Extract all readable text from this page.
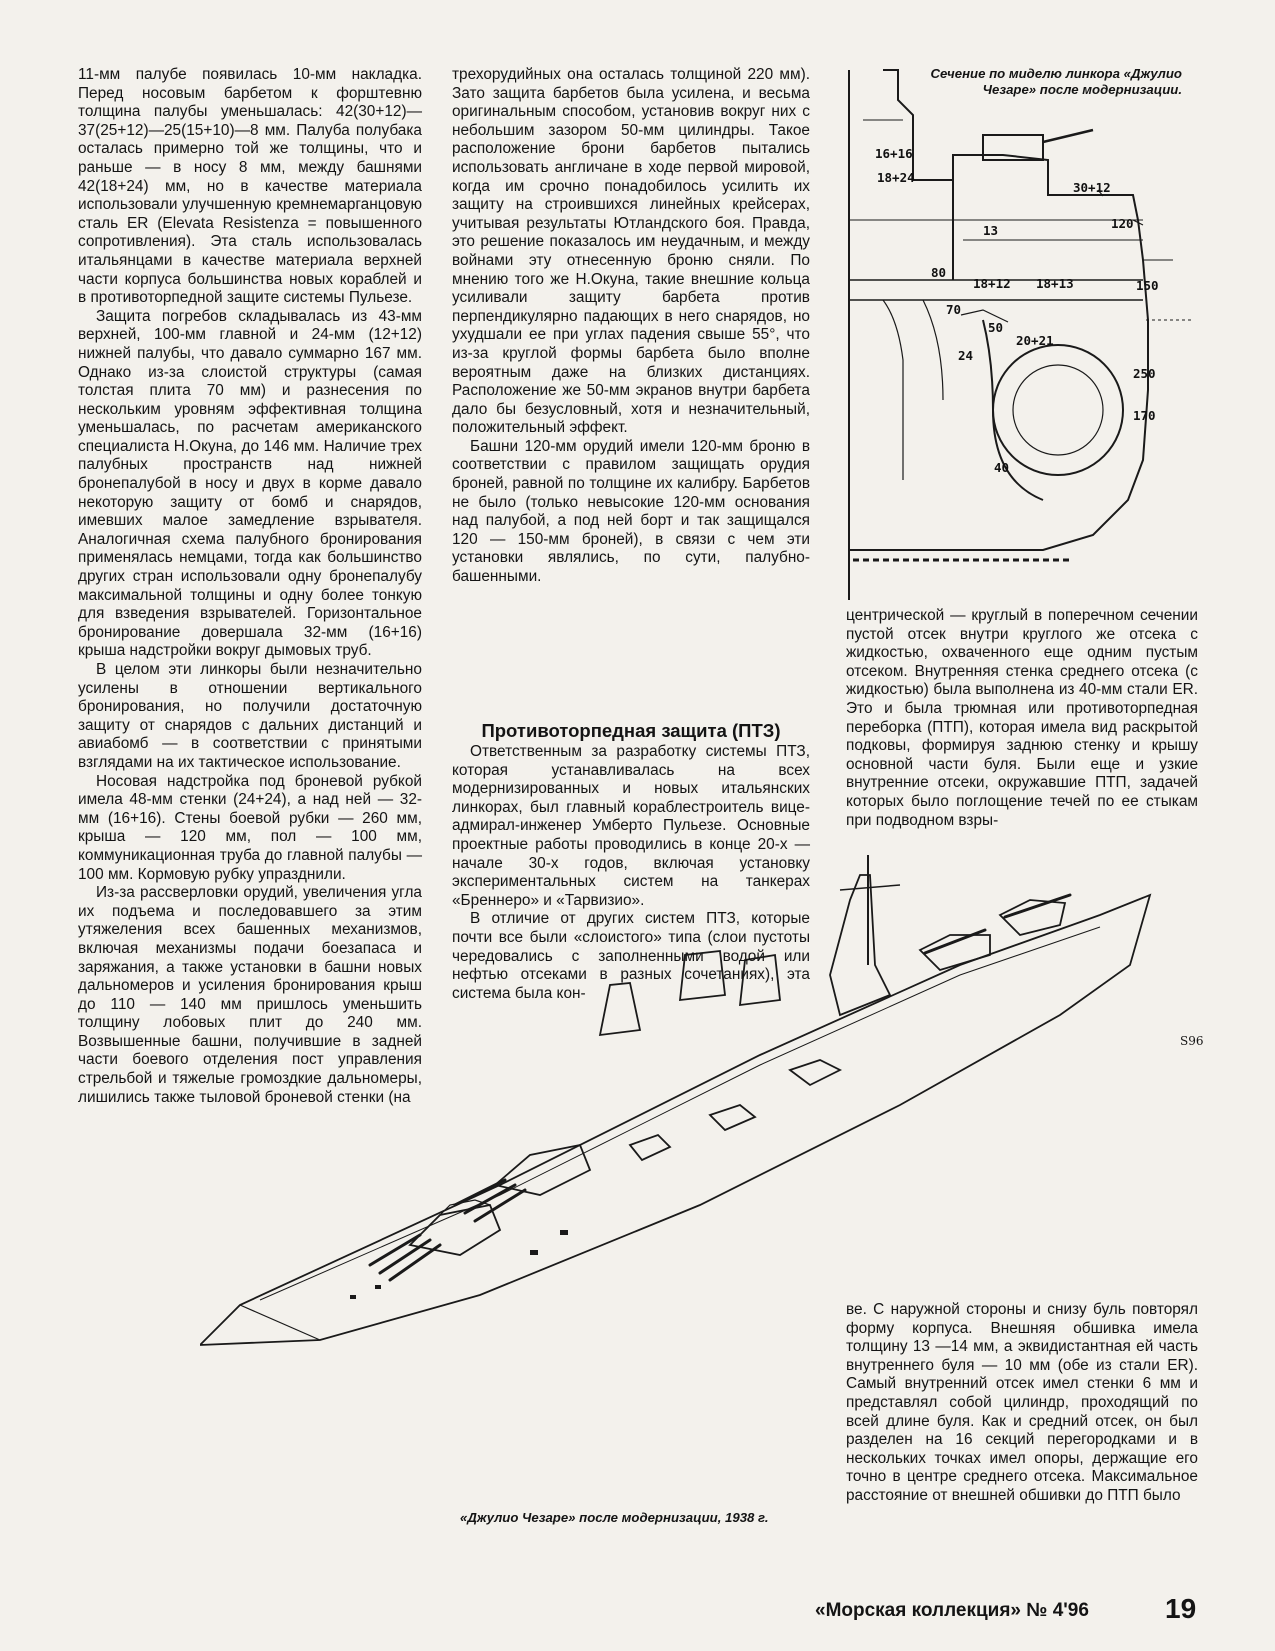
11-мм палубе появилась 10-мм накладка. Перед носовым барбетом к форштевню толщина палубы уменьшалась: 42(30+12)—37(25+12)—25(15+10)—8 мм. Палуба полубака осталась примерно той же толщины, что и раньше — в носу 8 мм, между башнями 42(18+24) мм, но в качестве материала использовали улучшенную кремнемарганцовую сталь ER (Elevata Resistenza = повышенного сопротивления). Эта сталь использовалась итальянцами в качестве материала верхней части корпуса большинства новых кораблей и в противоторпедной защите системы Пульезе.

Защита погребов складывалась из 43-мм верхней, 100-мм главной и 24-мм (12+12) нижней палубы, что давало суммарно 167 мм. Однако из-за слоистой структуры (самая толстая плита 70 мм) и разнесения по нескольким уровням эффективная толщина уменьшалась, по расчетам американского специалиста Н.Окуна, до 146 мм. Наличие трех палубных пространств над нижней бронепалубой в носу и двух в корме давало некоторую защиту от бомб и снарядов, имевших малое замедление взрывателя. Аналогичная схема палубного бронирования применялась немцами, тогда как большинство других стран использовали одну бронепалубу максимальной толщины и одну более тонкую для взведения взрывателей. Горизонтальное бронирование довершала 32-мм (16+16) крыша надстройки вокруг дымовых труб.

В целом эти линкоры были незначительно усилены в отношении вертикального бронирования, но получили достаточную защиту от снарядов с дальних дистанций и авиабомб — в соответствии с принятыми взглядами на их тактическое использование.

Носовая надстройка под броневой рубкой имела 48-мм стенки (24+24), а над ней — 32-мм (16+16). Стены боевой рубки — 260 мм, крыша — 120 мм, пол — 100 мм, коммуникационная труба до главной палубы — 100 мм. Кормовую рубку упразднили.

Из-за рассверловки орудий, увеличения угла их подъема и последовавшего за этим утяжеления всех башенных механизмов, включая механизмы подачи боезапаса и заряжания, а также установки в башни новых дальномеров и усиления бронирования крыш до 110 — 140 мм пришлось уменьшить толщину лобовых плит до 240 мм. Возвышенные башни, получившие в задней части боевого отделения пост управления стрельбой и тяжелые громоздкие дальномеры, лишились также тыловой броневой стенки (на

трехорудийных она осталась толщиной 220 мм). Зато защита барбетов была усилена, и весьма оригинальным способом, установив вокруг них с небольшим зазором 50-мм цилиндры. Такое расположение брони барбетов пытались использовать англичане в ходе первой мировой, когда им срочно понадобилось усилить их защиту на строившихся линейных крейсерах, учитывая результаты Ютландского боя. Правда, это решение показалось им неудачным, и между войнами эту отнесенную броню сняли. По мнению того же Н.Окуна, такие внешние кольца усиливали защиту барбета против перпендикулярно падающих в него снарядов, но ухудшали ее при углах падения свыше 55°, что из-за круглой формы барбета было вполне вероятным даже на близких дистанциях. Расположение же 50-мм экранов внутри барбета дало бы безусловный, хотя и незначительный, положительный эффект.

Башни 120-мм орудий имели 120-мм броню в соответствии с правилом защищать орудия броней, равной по толщине их калибру. Барбетов не было (только невысокие 120-мм основания над палубой, а под ней борт и так защищался 120 — 150-мм броней), в связи с чем эти установки являлись, по сути, палубно-башенными.

Противоторпедная защита (ПТЗ)

Ответственным за разработку системы ПТЗ, которая устанавливалась на всех модернизированных и новых итальянских линкорах, был главный кораблестроитель вице-адмирал-инженер Умберто Пульезе. Основные проектные работы проводились в конце 20-х — начале 30-х годов, включая установку экспериментальных систем на танкерах «Бреннеро» и «Тарвизио».

В отличие от других систем ПТЗ, которые почти все были «слоистого» типа (слои пустоты чередовались с заполненными водой или нефтью отсеками в разных сочетаниях), эта система была кон-

16+16
18+24
30+12
120
13
80
18+12 18+13	150
70
50
24
20+21
250
170
40
Сечение по миделю линкора «Джулио Чезаре» после модернизации.

центрической — круглый в поперечном сечении пустой отсек внутри круглого же отсека с жидкостью, охваченного еще одним пустым отсеком. Внутренняя стенка среднего отсека (с жидкостью) была выполнена из 40-мм стали ER. Это и была трюмная или противоторпедная переборка (ПТП), которая имела вид раскрытой подковы, формируя заднюю стенку и крышу основной части буля. Были еще и узкие внутренние отсеки, окружавшие ПТП, задачей которых было поглощение течей по ее стыкам при подводном взры-

«Джулио Чезаре» после модернизации, 1938 г.
S96

ве. С наружной стороны и снизу буль повторял форму корпуса. Внешняя обшивка имела толщину 13 —14 мм, а эквидистантная ей часть внутреннего буля — 10 мм (обе из стали ER). Самый внутренний отсек имел стенки 6 мм и представлял собой цилиндр, проходящий по всей длине буля. Как и средний отсек, он был разделен на 16 секций перегородками и в нескольких точках имел опоры, держащие его точно в центре среднего отсека. Максимальное расстояние от внешней обшивки до ПТП было

«Морская коллекция» № 4'96	19
